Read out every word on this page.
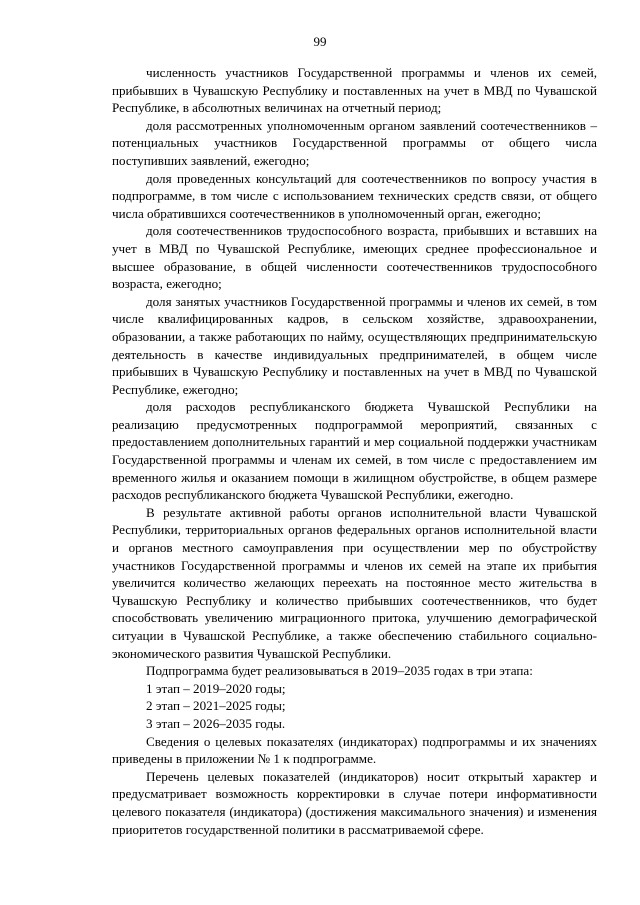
99

численность участников Государственной программы и членов их семей, прибывших в Чувашскую Республику и поставленных на учет в МВД по Чувашской Республике, в абсолютных величинах на отчетный период;

доля рассмотренных уполномоченным органом заявлений соотечественников – потенциальных участников Государственной программы от общего числа поступивших заявлений, ежегодно;

доля проведенных консультаций для соотечественников по вопросу участия в подпрограмме, в том числе с использованием технических средств связи, от общего числа обратившихся соотечественников в уполномоченный орган, ежегодно;

доля соотечественников трудоспособного возраста, прибывших и вставших на учет в МВД по Чувашской Республике, имеющих среднее профессиональное и высшее образование, в общей численности соотечественников трудоспособного возраста, ежегодно;

доля занятых участников Государственной программы и членов их семей, в том числе квалифицированных кадров, в сельском хозяйстве, здравоохранении, образовании, а также работающих по найму, осуществляющих предпринимательскую деятельность в качестве индивидуальных предпринимателей, в общем числе прибывших в Чувашскую Республику и поставленных на учет в МВД по Чувашской Республике, ежегодно;

доля расходов республиканского бюджета Чувашской Республики на реализацию предусмотренных подпрограммой мероприятий, связанных с предоставлением дополнительных гарантий и мер социальной поддержки участникам Государственной программы и членам их семей, в том числе с предоставлением им временного жилья и оказанием помощи в жилищном обустройстве, в общем размере расходов республиканского бюджета Чувашской Республики, ежегодно.

В результате активной работы органов исполнительной власти Чувашской Республики, территориальных органов федеральных органов исполнительной власти и органов местного самоуправления при осуществлении мер по обустройству участников Государственной программы и членов их семей на этапе их прибытия увеличится количество желающих переехать на постоянное место жительства в Чувашскую Республику и количество прибывших соотечественников, что будет способствовать увеличению миграционного притока, улучшению демографической ситуации в Чувашской Республике, а также обеспечению стабильного социально-экономического развития Чувашской Республики.

Подпрограмма будет реализовываться в 2019–2035 годах в три этапа:

1 этап – 2019–2020 годы;

2 этап – 2021–2025 годы;

3 этап – 2026–2035 годы.

Сведения о целевых показателях (индикаторах) подпрограммы и их значениях приведены в приложении № 1 к подпрограмме.

Перечень целевых показателей (индикаторов) носит открытый характер и предусматривает возможность корректировки в случае потери информативности целевого показателя (индикатора) (достижения максимального значения) и изменения приоритетов государственной политики в рассматриваемой сфере.
